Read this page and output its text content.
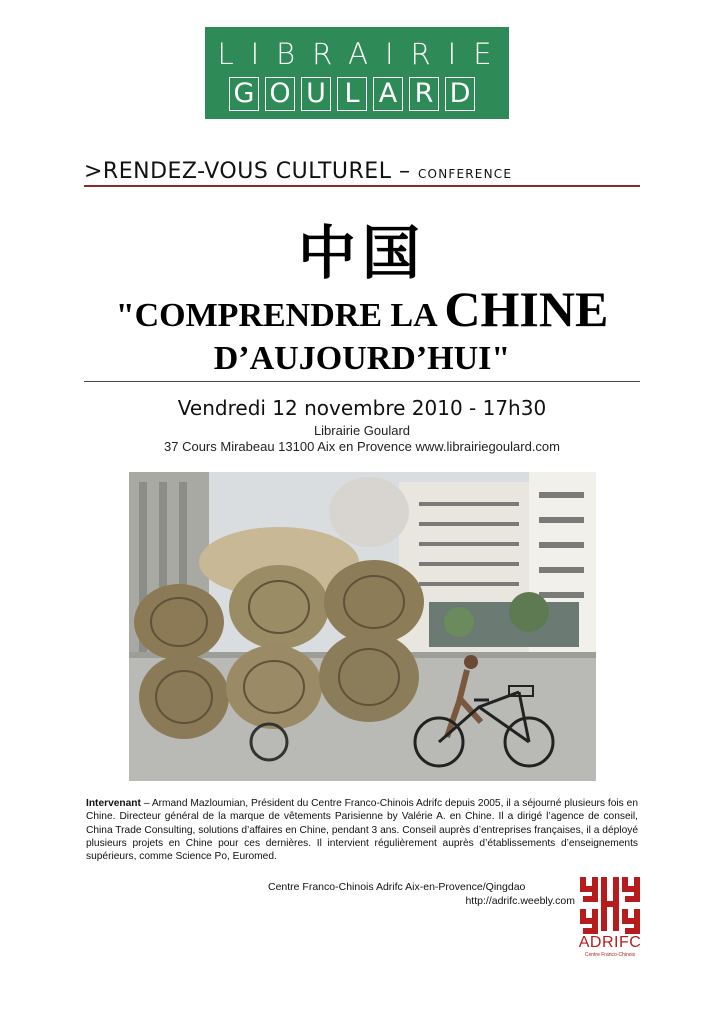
LIBRAIRIE
G O U L A R D
>RENDEZ-VOUS CULTUREL – CONFERENCE
中国
"COMPRENDRE LA CHINE
D’AUJOURD’HUI"
Vendredi 12 novembre 2010 - 17h30
Librairie Goulard
37 Cours Mirabeau 13100 Aix en Provence www.librairiegoulard.com
Intervenant – Armand Mazloumian, Président du Centre Franco-Chinois Adrifc depuis 2005, il a séjourné plusieurs fois en Chine. Directeur général de la marque de vêtements Parisienne by Valérie A. en Chine. Il a dirigé l’agence de conseil, China Trade Consulting, solutions d’affaires en Chine, pendant 3 ans. Conseil auprès d’entreprises françaises, il a déployé plusieurs projets en Chine pour ces dernières. Il intervient régulièrement auprès d’établissements d’enseignements supérieurs, comme Science Po, Euromed.
Centre Franco-Chinois Adrifc Aix-en-Provence/Qingdao
http://adrifc.weebly.com
ADRIFC
Centre Franco-Chinois
